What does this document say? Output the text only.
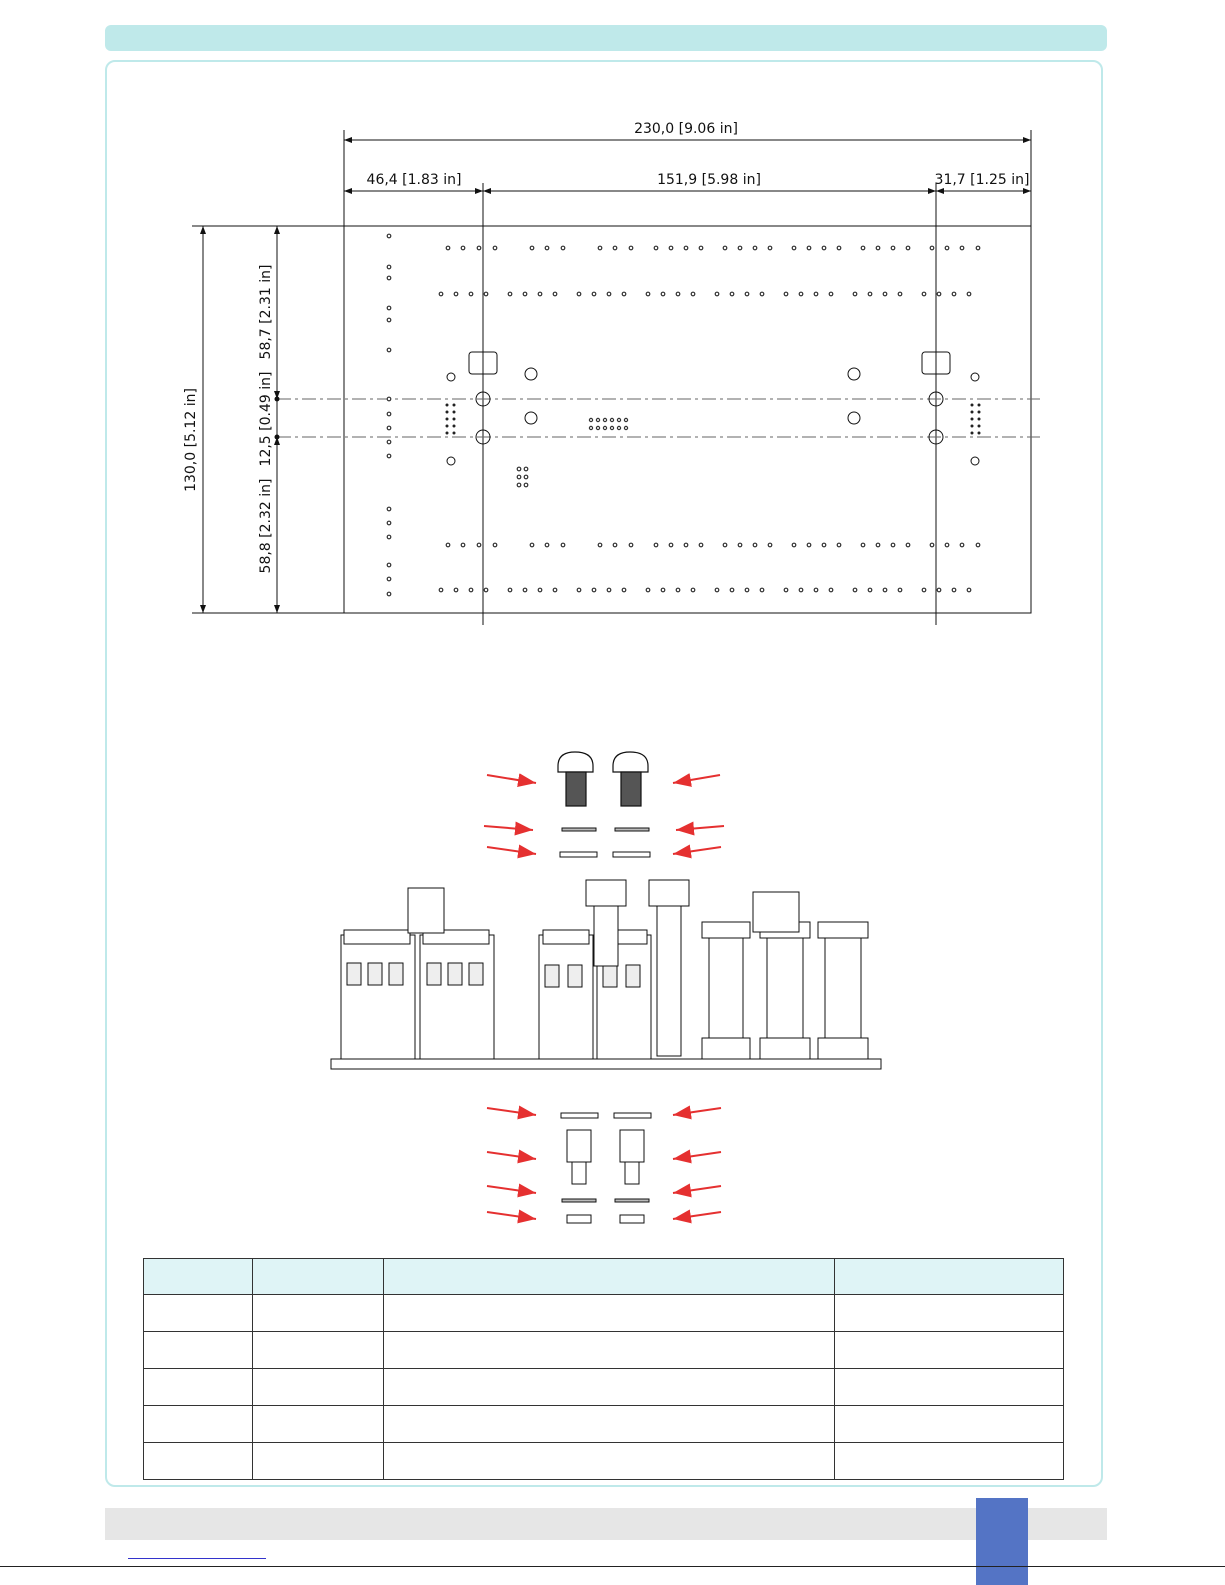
230,0 [9.06 in]
46,4 [1.83 in]	151,9 [5.98 in]	31,7 [1.25 in]
130,0 [5.12 in]
58,7 [2.31 in]
12,5 [0.49 in]
58,8 [2.32 in]
